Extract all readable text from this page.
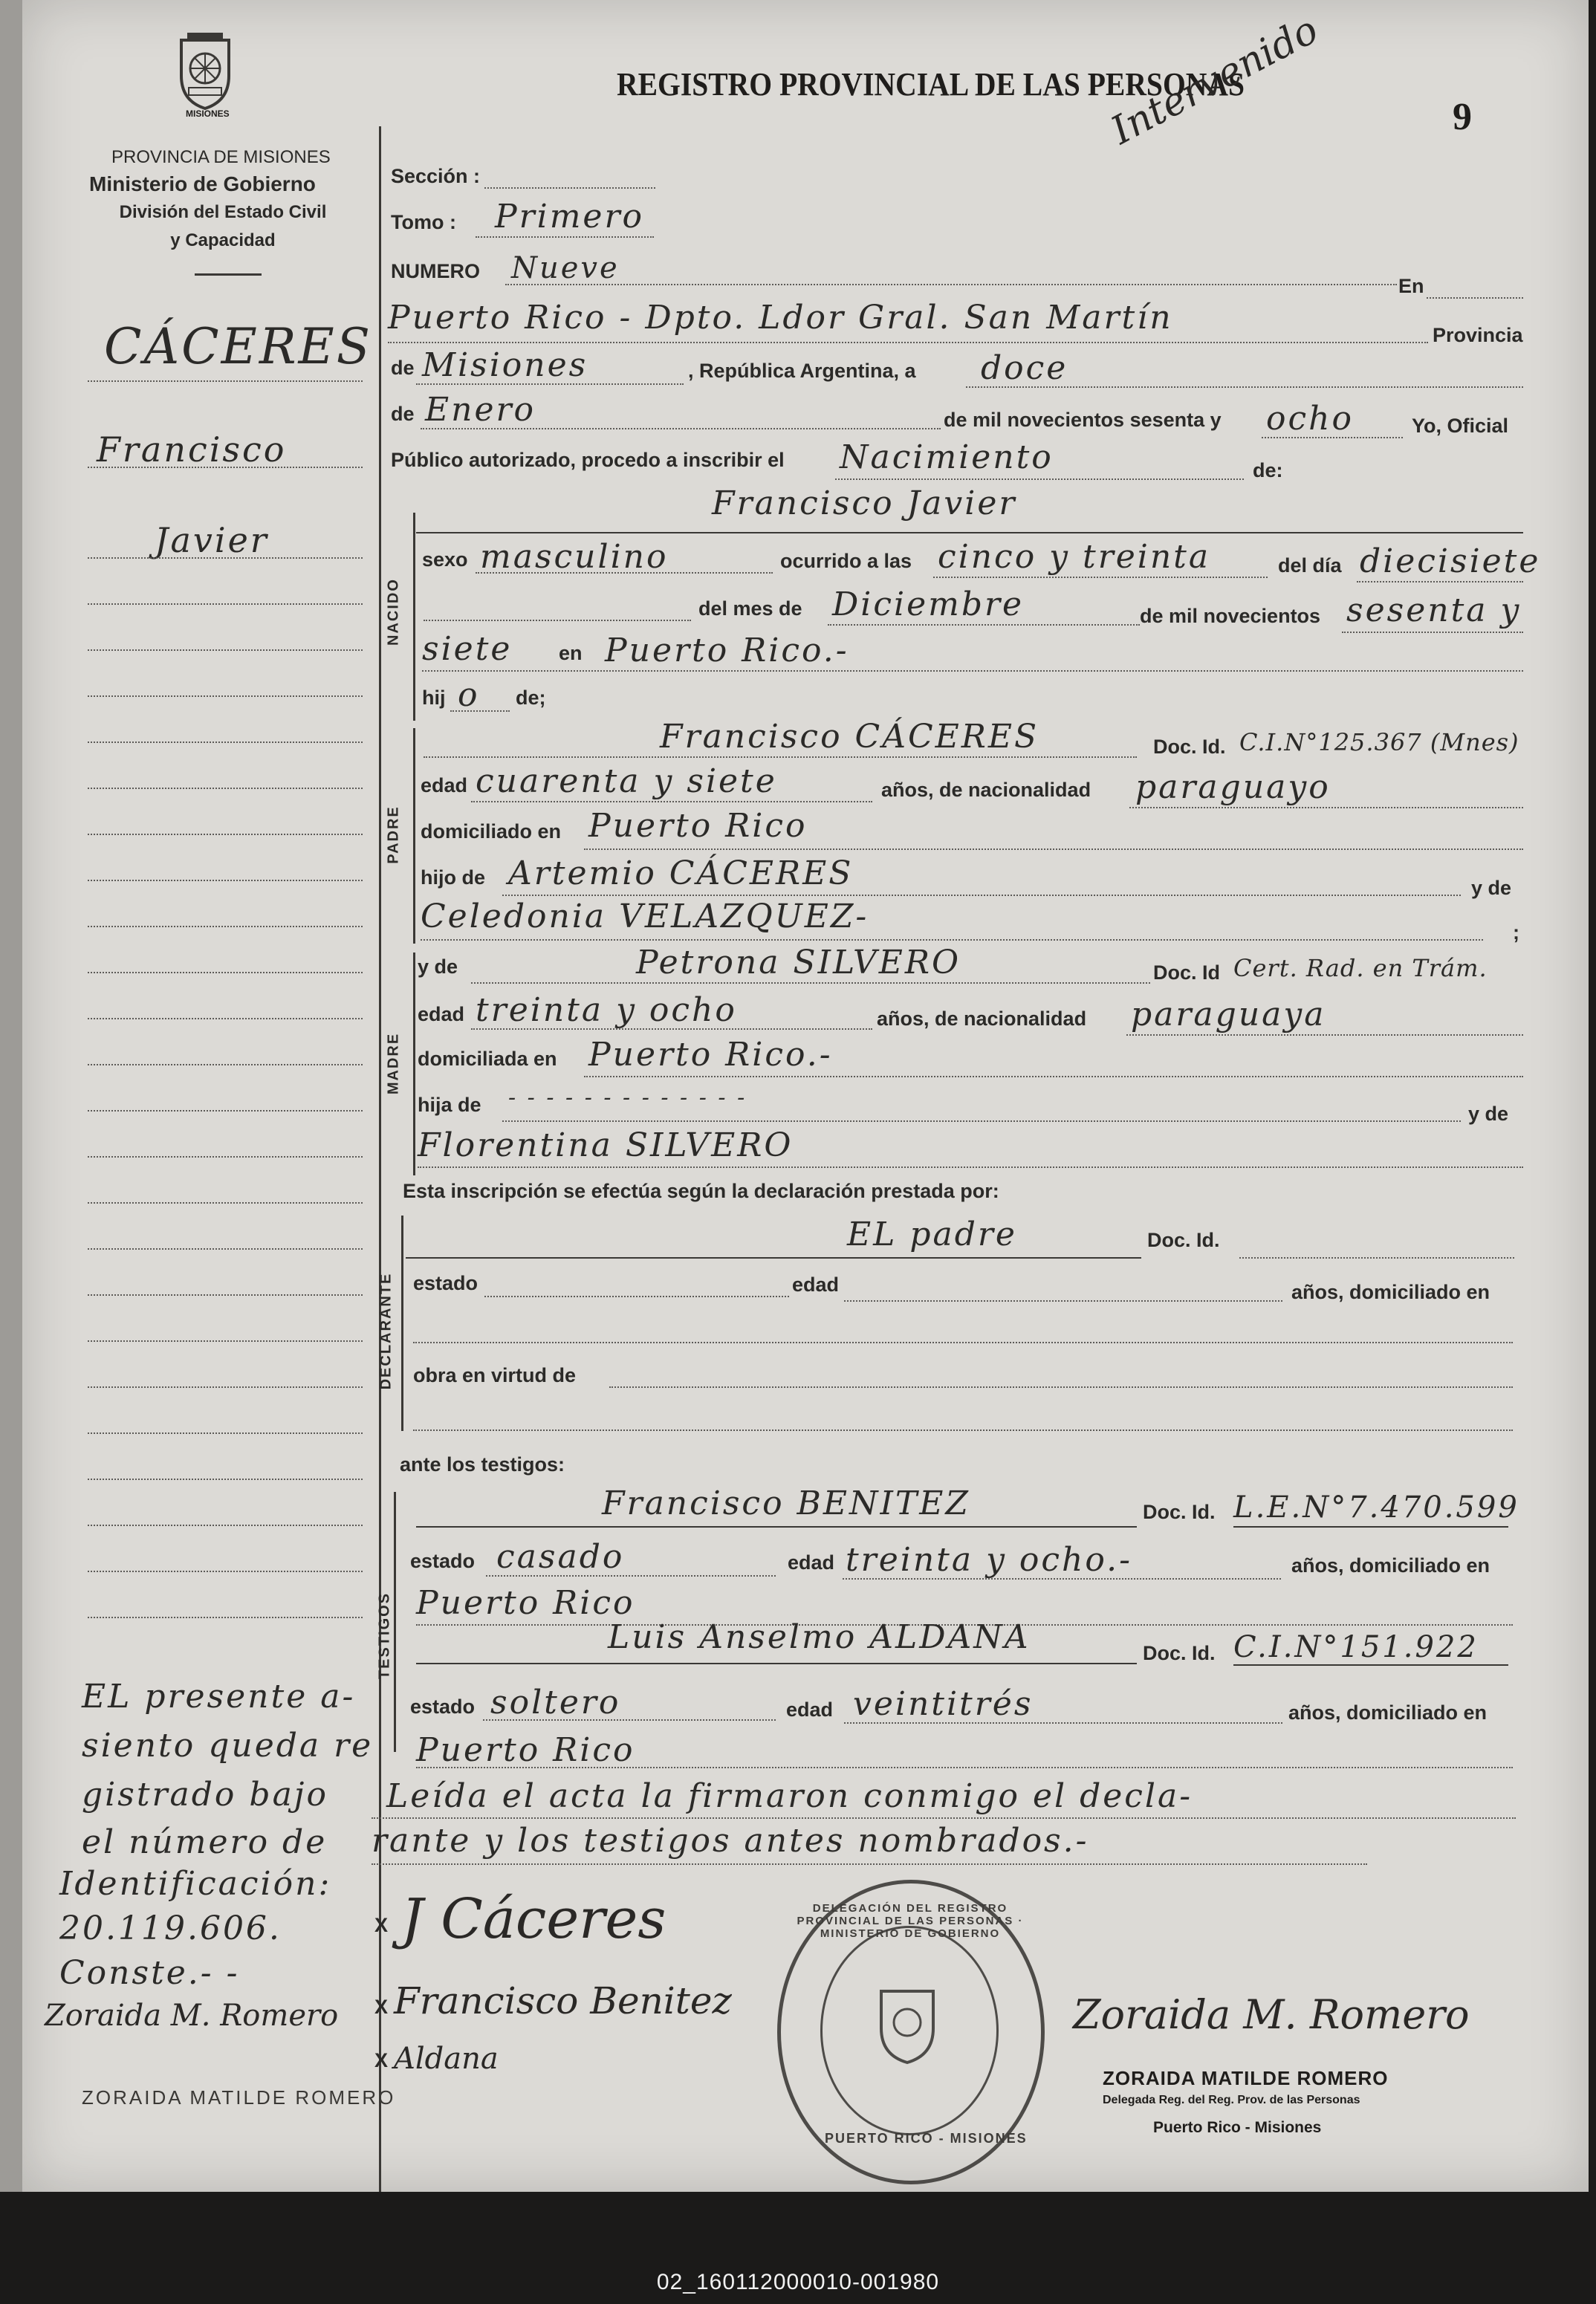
02_160112000010-001980
MISIONES
PROVINCIA DE MISIONES
Ministerio de Gobierno
División del Estado Civil
y Capacidad
REGISTRO PROVINCIAL DE LAS PERSONAS
9
Intervenido
CÁCERES
Francisco
Javier
EL presente a-
siento queda re
gistrado bajo
el número de
Identificación:
20.119.606.
Conste.- -
Zoraida M. Romero
ZORAIDA MATILDE ROMERO
Sección :
Tomo : Primero
NUMERO Nueve
En
Puerto Rico - Dpto. Ldor Gral. San Martín	Provincia
de Misiones	, República Argentina, a doce
de Enero	de mil novecientos sesenta y ocho	Yo, Oficial
Público autorizado, procedo a inscribir el Nacimiento	de:
NACIDO
Francisco Javier
sexo masculino	ocurrido a las cinco y treinta	del día diecisiete
del mes de Diciembre	de mil novecientos sesenta y
siete en Puerto Rico.-
hij o de;
PADRE
Francisco CÁCERES	Doc. Id. C.I.N°125.367 (Mnes)
edad cuarenta y siete	años, de nacionalidad paraguayo
domiciliado en Puerto Rico
hijo de Artemio CÁCERES	y de
Celedonia VELAZQUEZ-	;
MADRE
y de	Petrona SILVERO	Doc. Id Cert. Rad. en Trám.
edad treinta y ocho	años, de nacionalidad paraguaya
domiciliada en Puerto Rico.-
hija de - - - - - - - - - - - - -
y de
Florentina SILVERO
Esta inscripción se efectúa según la declaración prestada por:
DECLARANTE
EL padre	Doc. Id.
estado	edad	años, domiciliado en
obra en virtud de
ante los testigos:
TESTIGOS
Francisco BENITEZ	Doc. Id. L.E.N°7.470.599
estado casado	edad treinta y ocho.-	años, domiciliado en
Puerto Rico
Luis Anselmo ALDANA	Doc. Id. C.I.N°151.922
estado soltero	edad veintitrés	años, domiciliado en
Puerto Rico
Leída el acta la firmaron conmigo el decla-
rante y los testigos antes nombrados.-
X J Cáceres
X Francisco Benitez
X Aldana
Zoraida M. Romero
DELEGACIÓN DEL REGISTRO PROVINCIAL DE LAS PERSONAS · MINISTERIO DE GOBIERNO
PUERTO RICO - MISIONES
ZORAIDA MATILDE ROMERO
Delegada Reg. del Reg. Prov. de las Personas
Puerto Rico - Misiones
